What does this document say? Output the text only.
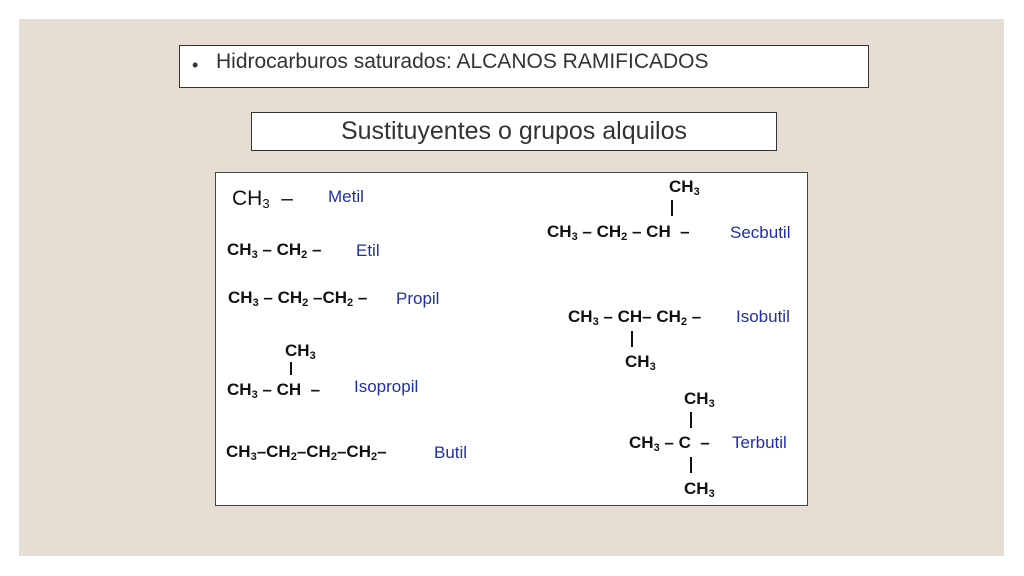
• Hidrocarburos saturados: ALCANOS RAMIFICADOS
Sustituyentes o grupos alquilos
$CH_3$ – Metil
$CH_3 - CH_2$ – Etil
$CH_3 - CH_2$ $-CH_2$ – Propil
$CH_3$
$CH_3$ – CH  – Isopropil
$CH_3-CH_2-CH_2-CH_2-$	Butil
$CH_3$
$CH_3 - CH_2$ – CH  – Secbutil
$CH_3 - CH-$ $CH_2$ – Isobutil
$CH_3$
$CH_3$
$CH_3$ – C  – Terbutil
$CH_3$
